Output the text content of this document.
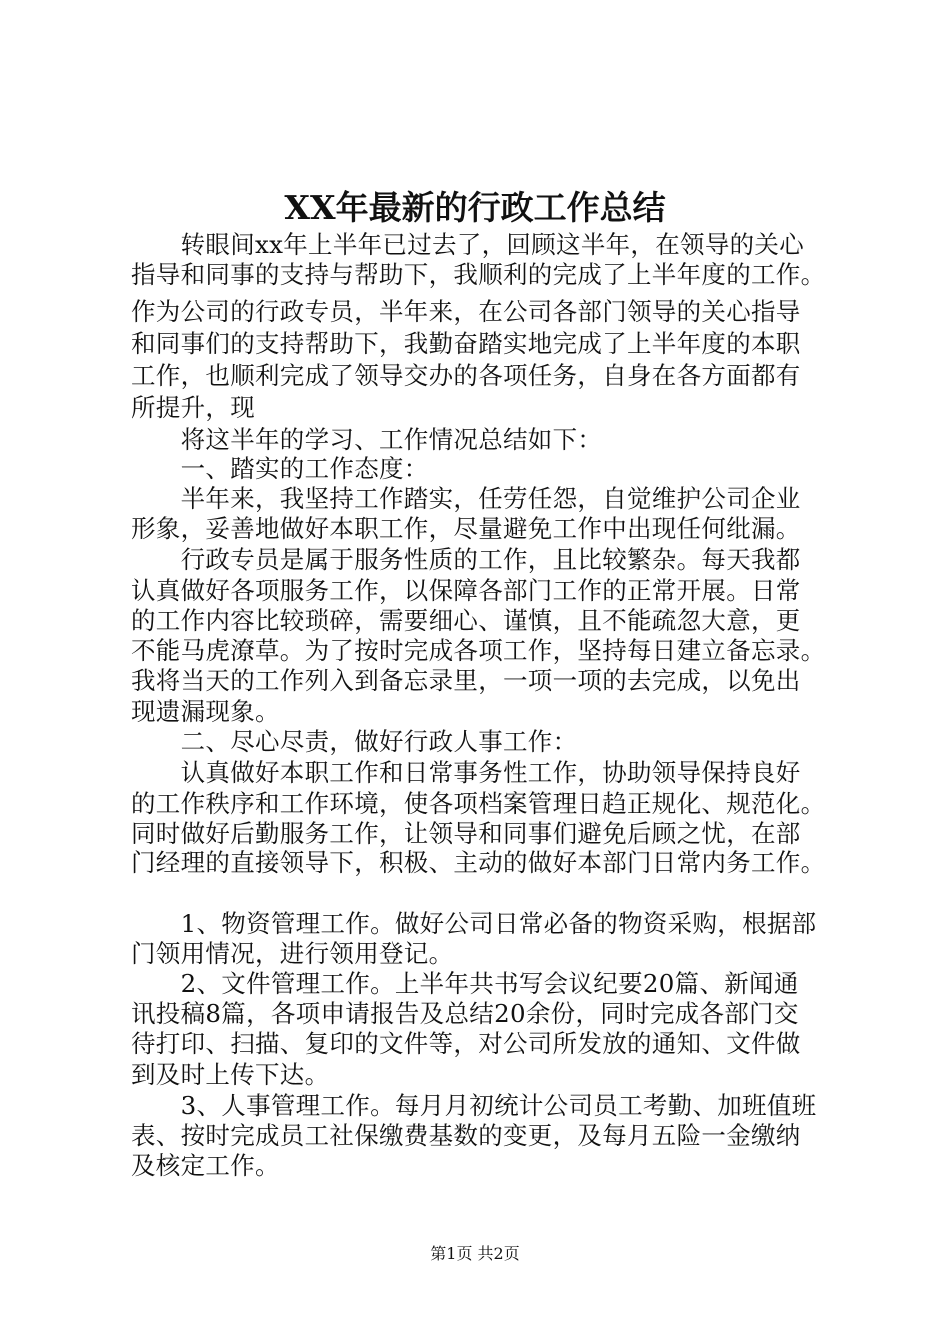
XX年最新的行政工作总结
　　转眼间xx年上半年已过去了，回顾这半年，在领导的关心
指导和同事的支持与帮助下，我顺利的完成了上半年度的工作。
作为公司的行政专员，半年来，在公司各部门领导的关心指导
和同事们的支持帮助下，我勤奋踏实地完成了上半年度的本职
工作，也顺利完成了领导交办的各项任务，自身在各方面都有
所提升，现
　　将这半年的学习、工作情况总结如下：
　　一、踏实的工作态度：
　　半年来，我坚持工作踏实，任劳任怨，自觉维护公司企业
形象，妥善地做好本职工作，尽量避免工作中出现任何纰漏。
　　行政专员是属于服务性质的工作，且比较繁杂。每天我都
认真做好各项服务工作，以保障各部门工作的正常开展。日常
的工作内容比较琐碎，需要细心、谨慎，且不能疏忽大意，更
不能马虎潦草。为了按时完成各项工作，坚持每日建立备忘录。
我将当天的工作列入到备忘录里，一项一项的去完成，以免出
现遗漏现象。
　　二、尽心尽责，做好行政人事工作：
　　认真做好本职工作和日常事务性工作，协助领导保持良好
的工作秩序和工作环境，使各项档案管理日趋正规化、规范化。
同时做好后勤服务工作，让领导和同事们避免后顾之忧，在部
门经理的直接领导下，积极、主动的做好本部门日常内务工作。
　　1、物资管理工作。做好公司日常必备的物资采购，根据部
门领用情况，进行领用登记。
　　2、文件管理工作。上半年共书写会议纪要20篇、新闻通
讯投稿8篇，各项申请报告及总结20余份，同时完成各部门交
待打印、扫描、复印的文件等，对公司所发放的通知、文件做
到及时上传下达。
　　3、人事管理工作。每月月初统计公司员工考勤、加班值班
表、按时完成员工社保缴费基数的变更，及每月五险一金缴纳
及核定工作。
第1页 共2页
